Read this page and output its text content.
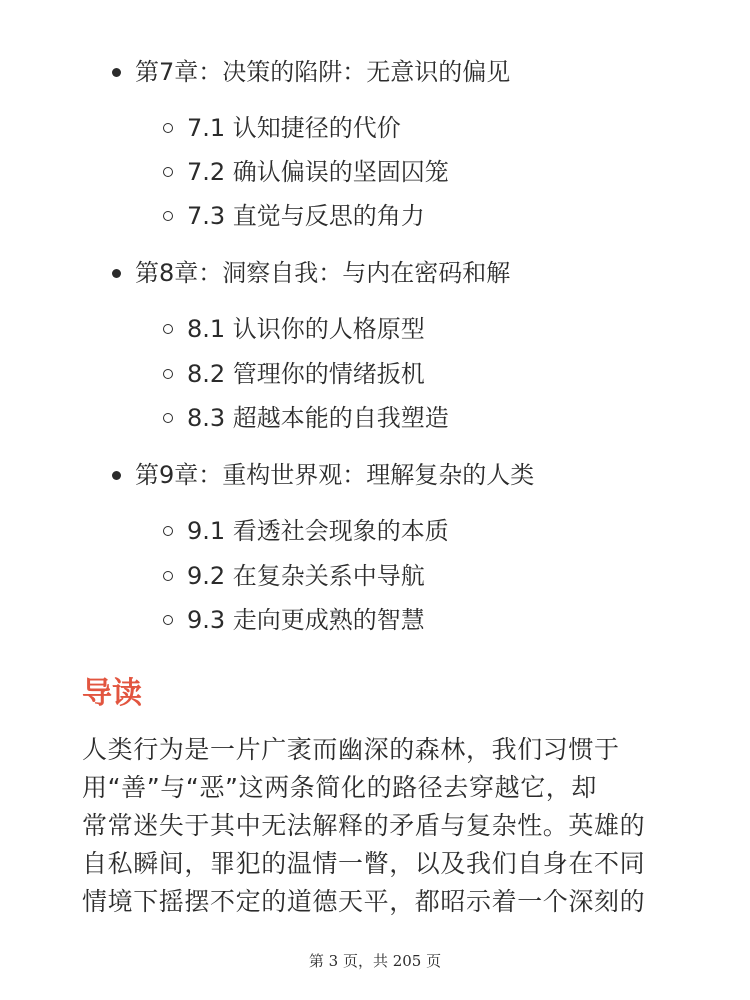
第7章：决策的陷阱：无意识的偏见
7.1 认知捷径的代价
7.2 确认偏误的坚固囚笼
7.3 直觉与反思的角力
第8章：洞察自我：与内在密码和解
8.1 认识你的人格原型
8.2 管理你的情绪扳机
8.3 超越本能的自我塑造
第9章：重构世界观：理解复杂的人类
9.1 看透社会现象的本质
9.2 在复杂关系中导航
9.3 走向更成熟的智慧
导读
人类行为是一片广袤而幽深的森林，我们习惯于
用“善”与“恶”这两条简化的路径去穿越它，却
常常迷失于其中无法解释的矛盾与复杂性。英雄的
自私瞬间，罪犯的温情一瞥，以及我们自身在不同
情境下摇摆不定的道德天平，都昭示着一个深刻的
第 3 页，共 205 页
